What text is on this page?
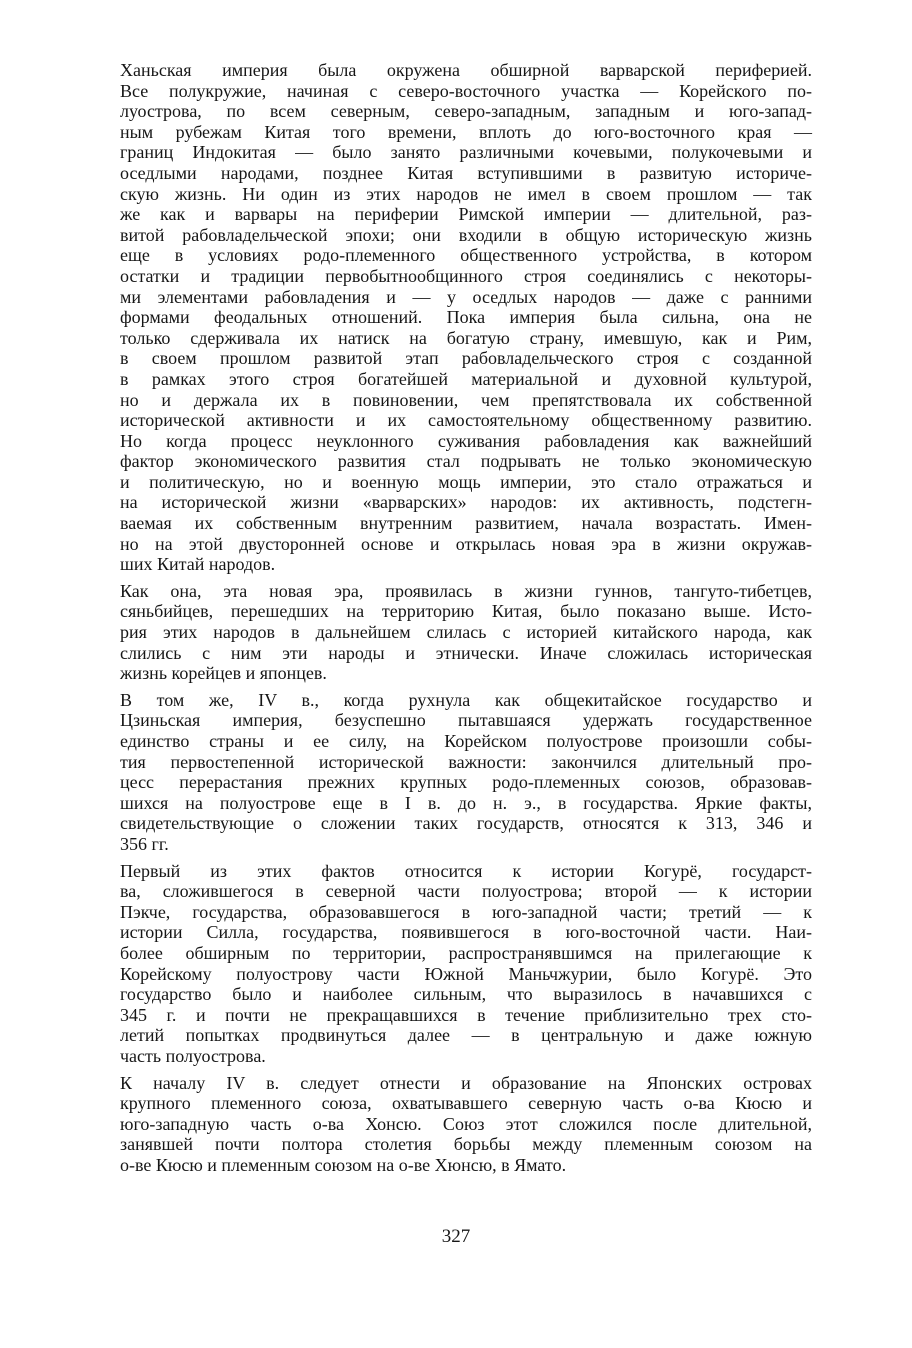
Ханьская империя была окружена обширной варварской периферией.
Все полукружие, начиная с северо-восточного участка — Корейского по-
луострова, по всем северным, северо-западным, западным и юго-запад-
ным рубежам Китая того времени, вплоть до юго-восточного края —
границ Индокитая — было занято различными кочевыми, полукочевыми и
оседлыми народами, позднее Китая вступившими в развитую историче-
скую жизнь. Ни один из этих народов не имел в своем прошлом — так
же как и варвары на периферии Римской империи — длительной, раз-
витой рабовладельческой эпохи; они входили в общую историческую жизнь
еще в условиях родо-племенного общественного устройства, в котором
остатки и традиции первобытнообщинного строя соединялись с некоторы-
ми элементами рабовладения и — у оседлых народов — даже с ранними
формами феодальных отношений. Пока империя была сильна, она не
только сдерживала их натиск на богатую страну, имевшую, как и Рим,
в своем прошлом развитой этап рабовладельческого строя с созданной
в рамках этого строя богатейшей материальной и духовной культурой,
но и держала их в повиновении, чем препятствовала их собственной
исторической активности и их самостоятельному общественному развитию.
Но когда процесс неуклонного суживания рабовладения как важнейший
фактор экономического развития стал подрывать не только экономическую
и политическую, но и военную мощь империи, это стало отражаться и
на исторической жизни «варварских» народов: их активность, подстегн-
ваемая их собственным внутренним развитием, начала возрастать. Имен-
но на этой двусторонней основе и открылась новая эра в жизни окружав-
ших Китай народов.
Как она, эта новая эра, проявилась в жизни гуннов, тангуто-тибетцев,
сяньбийцев, перешедших на территорию Китая, было показано выше. Исто-
рия этих народов в дальнейшем слилась с историей китайского народа, как
слились с ним эти народы и этнически. Иначе сложилась историческая
жизнь корейцев и японцев.
В том же, IV в., когда рухнула как общекитайское государство и
Цзиньская империя, безуспешно пытавшаяся удержать государственное
единство страны и ее силу, на Корейском полуострове произошли собы-
тия первостепенной исторической важности: закончился длительный про-
цесс перерастания прежних крупных родо-племенных союзов, образовав-
шихся на полуострове еще в I в. до н. э., в государства. Яркие факты,
свидетельствующие о сложении таких государств, относятся к 313, 346 и
356 гг.
Первый из этих фактов относится к истории Когурё, государст-
ва, сложившегося в северной части полуострова; второй — к истории
Пэкче, государства, образовавшегося в юго-западной части; третий — к
истории Силла, государства, появившегося в юго-восточной части. Наи-
более обширным по территории, распространявшимся на прилегающие к
Корейскому полуострову части Южной Маньчжурии, было Когурё. Это
государство было и наиболее сильным, что выразилось в начавшихся с
345 г. и почти не прекращавшихся в течение приблизительно трех сто-
летий попытках продвинуться далее — в центральную и даже южную
часть полуострова.
К началу IV в. следует отнести и образование на Японских островах
крупного племенного союза, охватывавшего северную часть о-ва Кюсю и
юго-западную часть о-ва Хонсю. Союз этот сложился после длительной,
занявшей почти полтора столетия борьбы между племенным союзом на
о-ве Кюсю и племенным союзом на о-ве Хюнсю, в Ямато.
327
